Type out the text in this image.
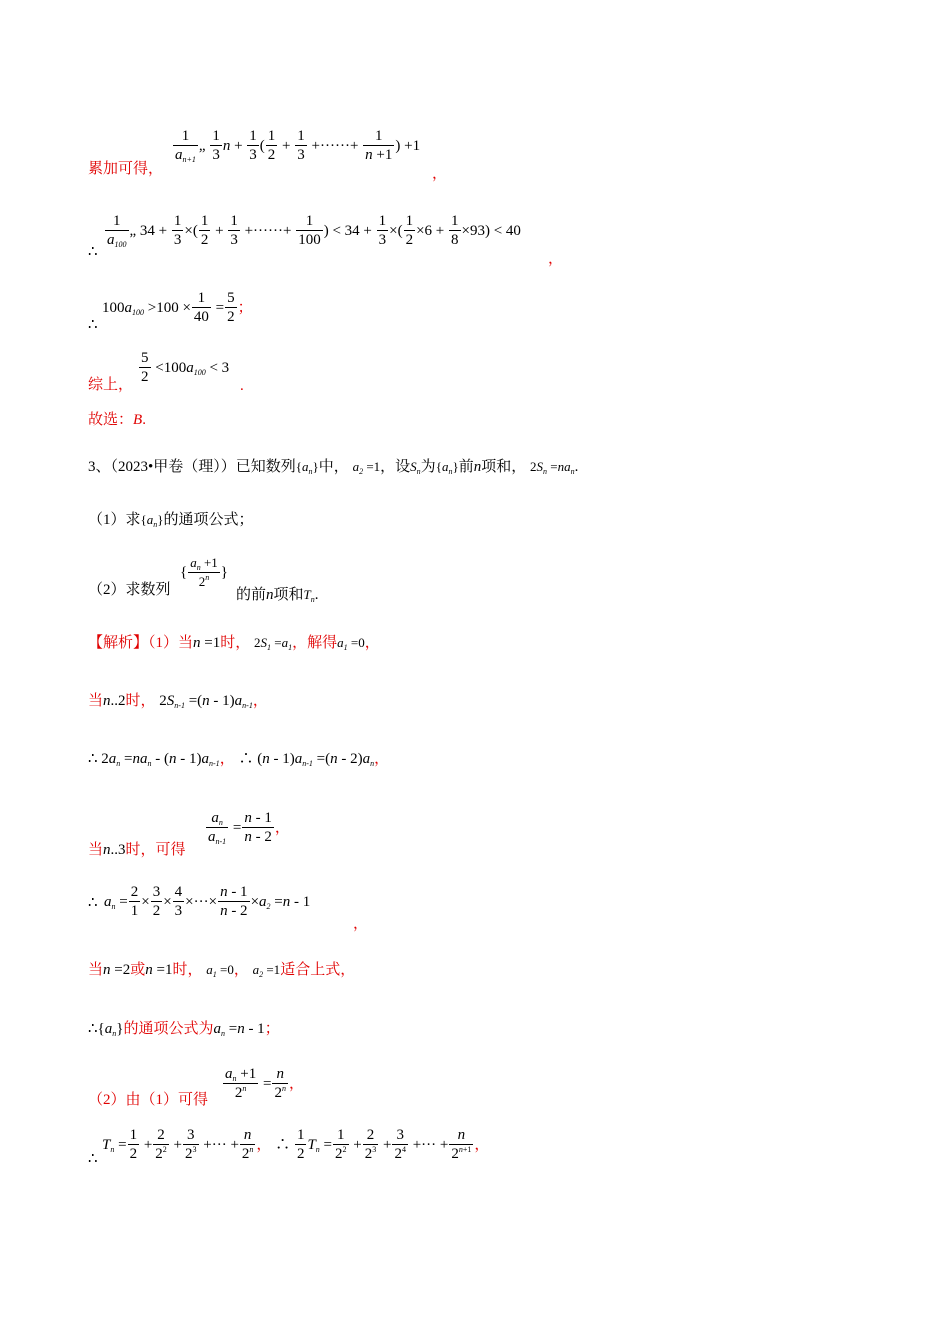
累加可得，
$\frac{1}{a_{n+1}}$ „ $\frac{1}{3}$ $n + \frac{1}{3}$ ( $\frac{1}{2} + \frac{1}{3}$ +······+ $\frac{1}{n +1}$ ) +1
，
∴
$\frac{1}{a_{100}}$ „ $34 + \frac{1}{3}$ ×( $\frac{1}{2} + \frac{1}{3}$ +······+ $\frac{1}{100}$ ) < $34 + \frac{1}{3}$ ×( $\frac{1}{2} \times 6 + \frac{1}{8} \times 93) < 40$
，
∴
$100a_{100} >100 \times \frac{1}{40} = \frac{5}{2}$ ；
综上， $\frac{5}{2} <100a_{100} < 3$
.
故选：B.
3、（2023•甲卷（理））已知数列$\{a_n\}$中， $a_2 =1$，设$S_n$为$\{a_n\}$前n项和， $2S_n =na_n$.
（1）求$\{a_n\}$的通项公式；
（2）求数列
{ $\frac{a_n +1}{2^n}$ }
的前n项和$T_n$.
【解析】（1）当n =1时， $2S_1 =a_1$，解得$a_1 =0$，
当n..2时， $2S_{n-1} =(n - 1)a_{n-1}$，
∴ $2a_n =na_n - (n - 1)a_{n-1}$， ∴ $(n - 1)a_{n-1} =(n - 2)a_n$，
当n..3时，可得
$\frac{a_n}{a_{n-1}} = \frac{n - 1}{n - 2}$ ，
∴ $a_n = \frac{2}{1} \times \frac{3}{2} \times \frac{4}{3}$ ×···× $\frac{n - 1}{n - 2} \times a_2 =n - 1$
，
当n =2或n =1时， $a_1 =0$， $a_2 =1$适合上式，
$\therefore\{a_n\}$的通项公式为$a_n =n - 1$；
（2）由（1）可得 $\frac{a_n +1}{2^n} = \frac{n}{2^n}$ ，
∴
$T_n = \frac{1}{2} + \frac{2}{2^2} + \frac{3}{2^3}$ +··· + $\frac{n}{2^n}$ ， ∴ $\frac{1}{2} T_n = \frac{1}{2^2} + \frac{2}{2^3} + \frac{3}{2^4}$ +··· + $\frac{n}{2^{n+1}}$ ，
